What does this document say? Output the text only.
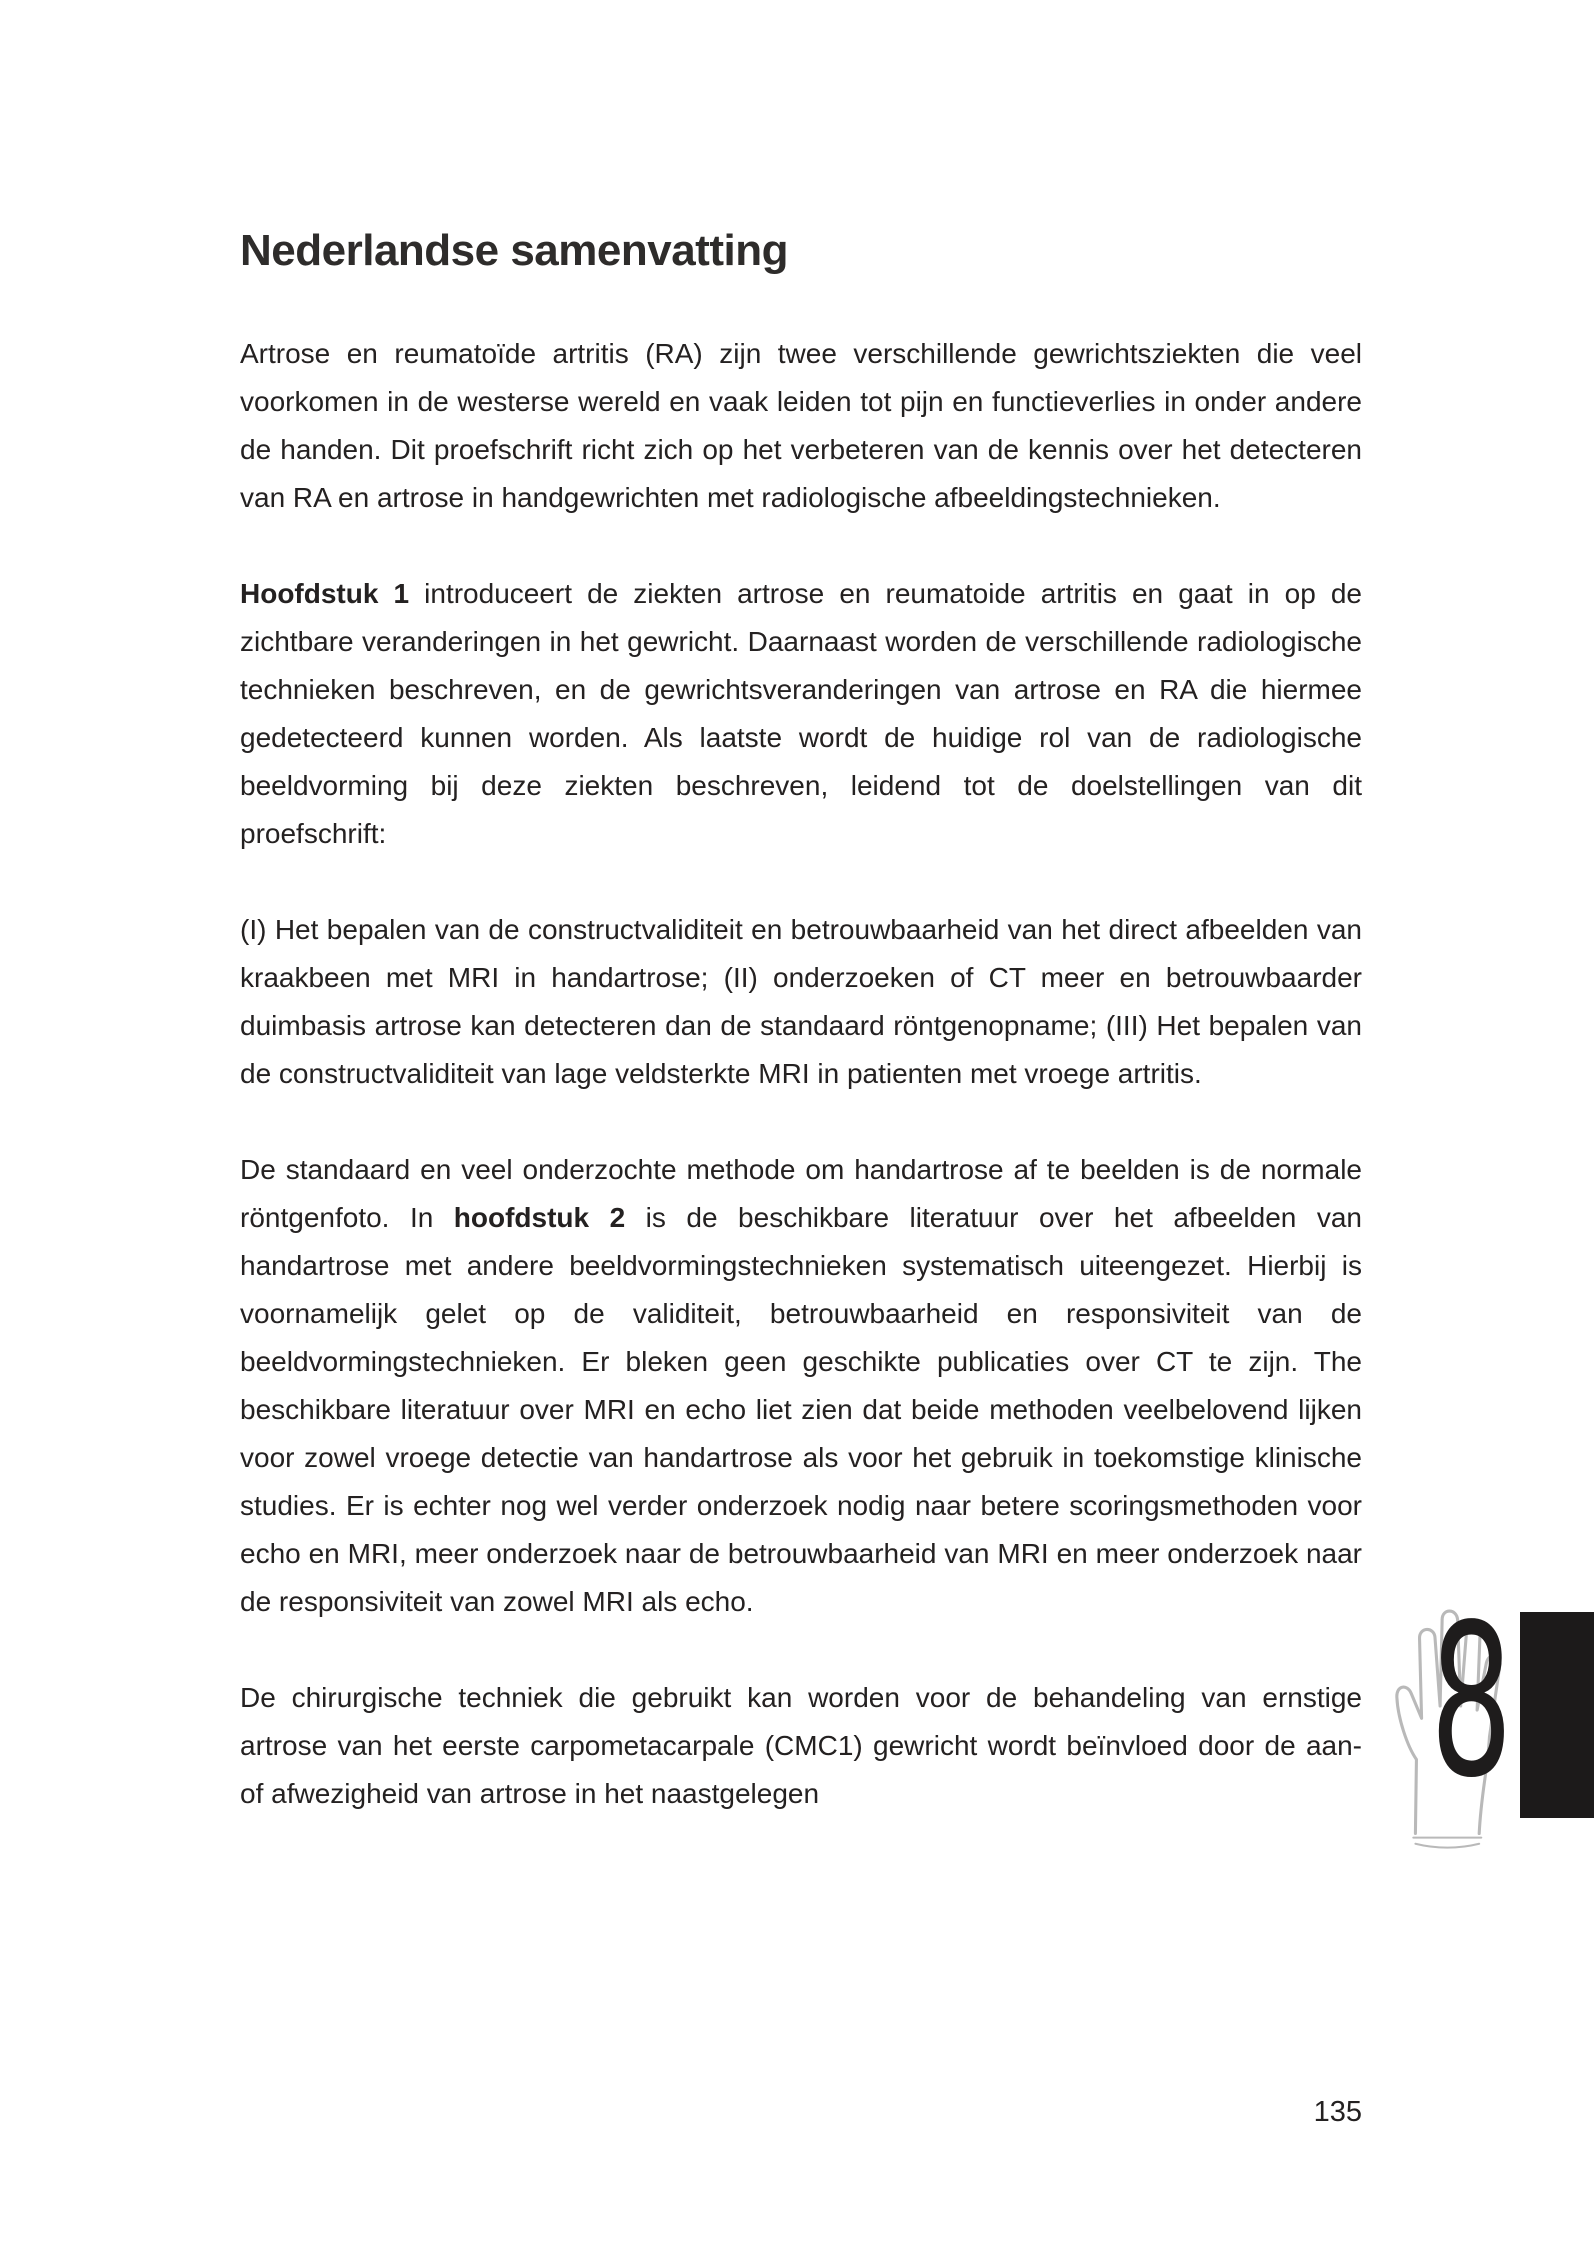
Nederlandse samenvatting

Artrose en reumatoïde artritis (RA) zijn twee verschillende gewrichtsziekten die veel voorkomen in de westerse wereld en vaak leiden tot pijn en functieverlies in onder andere de handen. Dit proefschrift richt zich op het verbeteren van de kennis over het detecteren van RA en artrose in handgewrichten met radiologische afbeeldingstechnieken.

Hoofdstuk 1 introduceert de ziekten artrose en reumatoide artritis en gaat in op de zichtbare veranderingen in het gewricht. Daarnaast worden de verschillende radiologische technieken beschreven, en de gewrichtsveranderingen van artrose en RA die hiermee gedetecteerd kunnen worden. Als laatste wordt de huidige rol van de radiologische beeldvorming bij deze ziekten beschreven, leidend tot de doelstellingen van dit proefschrift:

(I) Het bepalen van de constructvaliditeit en betrouwbaarheid van het direct afbeelden van kraakbeen met MRI in handartrose; (II) onderzoeken of CT meer en betrouwbaarder duimbasis artrose kan detecteren dan de standaard röntgenopname; (III) Het bepalen van de constructvaliditeit van lage veldsterkte MRI in patienten met vroege artritis.

De standaard en veel onderzochte methode om handartrose af te beelden is de normale röntgenfoto. In hoofdstuk 2 is de beschikbare literatuur over het afbeelden van handartrose met andere beeldvormingstechnieken systematisch uiteengezet. Hierbij is voornamelijk gelet op de validiteit, betrouwbaarheid en responsiviteit van de beeldvormingstechnieken. Er bleken geen geschikte publicaties over CT te zijn. The beschikbare literatuur over MRI en echo liet zien dat beide methoden veelbelovend lijken voor zowel vroege detectie van handartrose als voor het gebruik in toekomstige klinische studies. Er is echter nog wel verder onderzoek nodig naar betere scoringsmethoden voor echo en MRI, meer onderzoek naar de betrouwbaarheid van MRI en meer onderzoek naar de responsiviteit van zowel MRI als echo.

De chirurgische techniek die gebruikt kan worden voor de behandeling van ernstige artrose van het eerste carpometacarpale (CMC1) gewricht wordt beïnvloed door de aan- of afwezigheid van artrose in het naastgelegen	8
135
